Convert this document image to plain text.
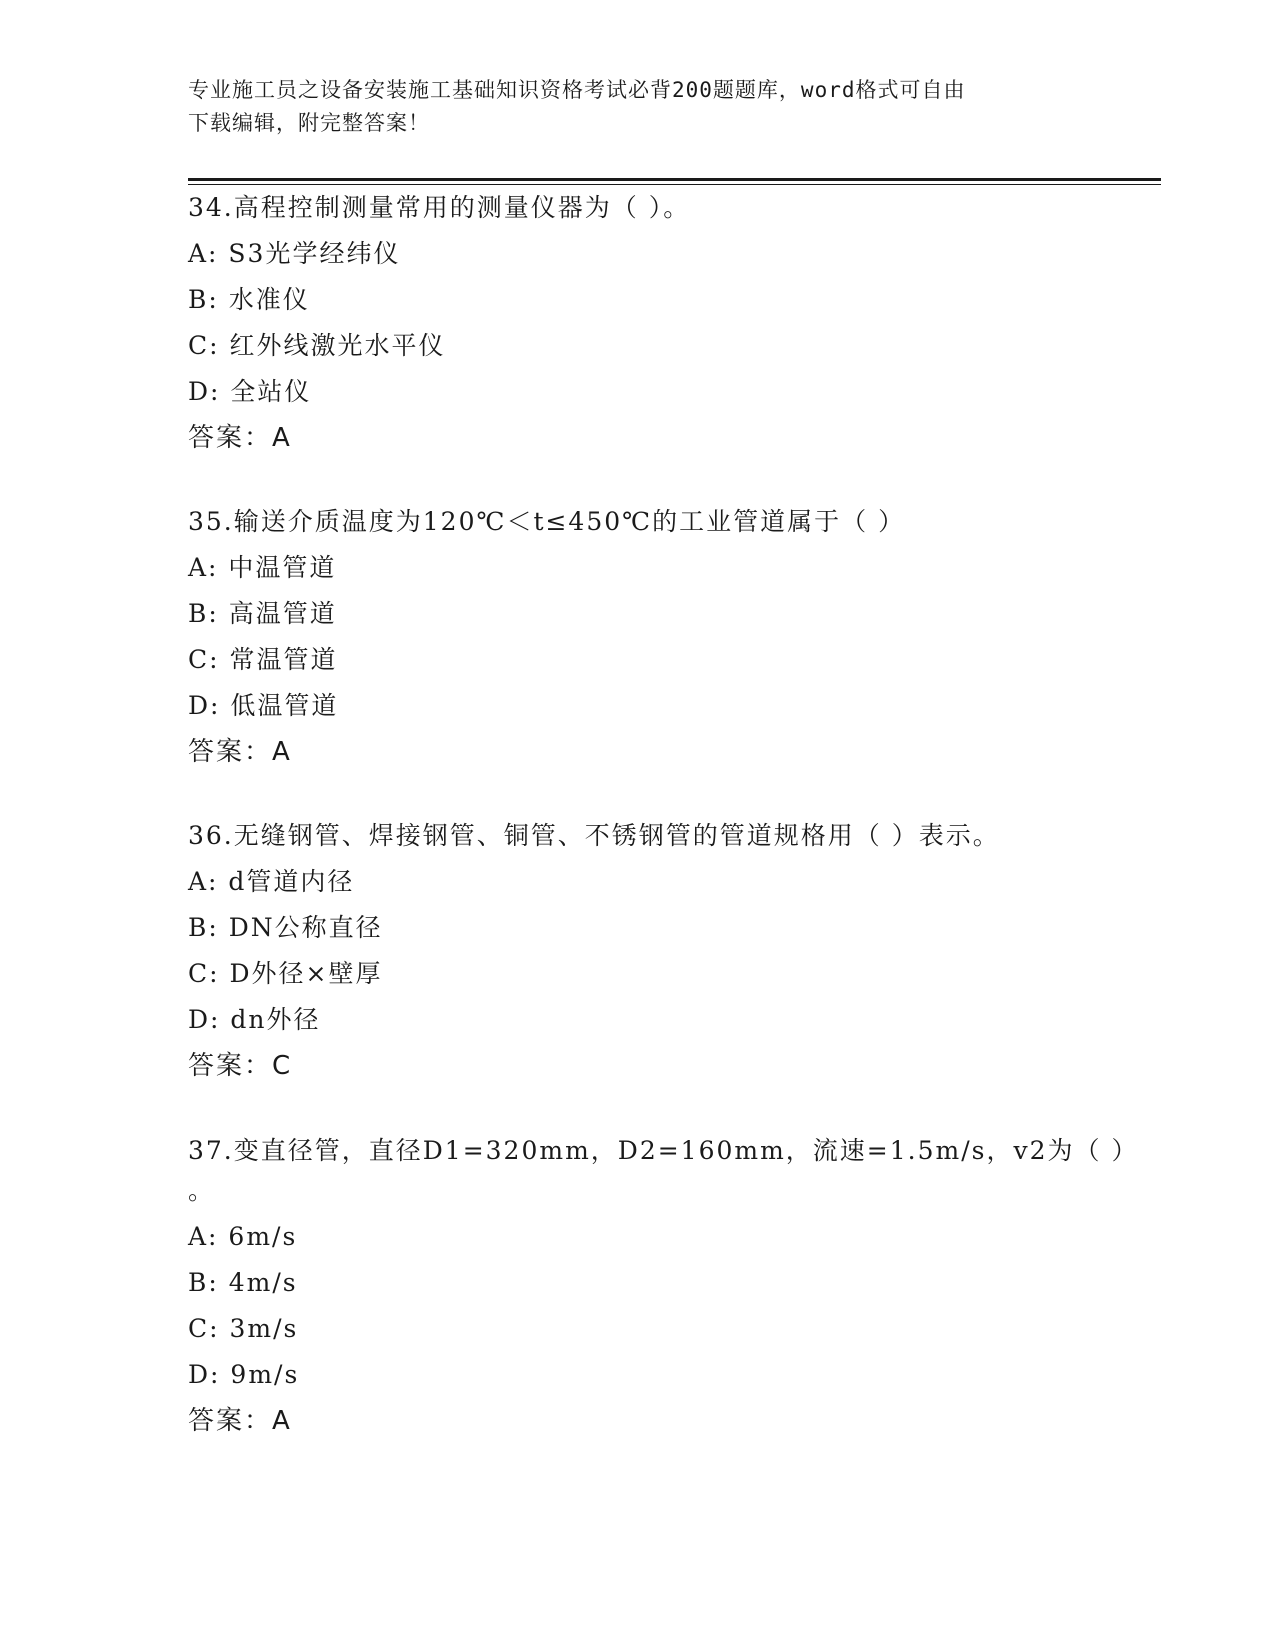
专业施工员之设备安装施工基础知识资格考试必背200题题库，word格式可自由
下载编辑，附完整答案！
34.高程控制测量常用的测量仪器为（ ）。
A: S3光学经纬仪
B: 水准仪
C: 红外线激光水平仪
D: 全站仪
答案：A
35.输送介质温度为120℃＜t≤450℃的工业管道属于（ ）
A: 中温管道
B: 高温管道
C: 常温管道
D: 低温管道
答案：A
36.无缝钢管、焊接钢管、铜管、不锈钢管的管道规格用（ ）表示。
A: d管道内径
B: DN公称直径
C: D外径×壁厚
D: dn外径
答案：C
37.变直径管，直径D1=320mm，D2=160mm，流速=1.5m/s，v2为（ ）
。
A: 6m/s
B: 4m/s
C: 3m/s
D: 9m/s
答案：A
